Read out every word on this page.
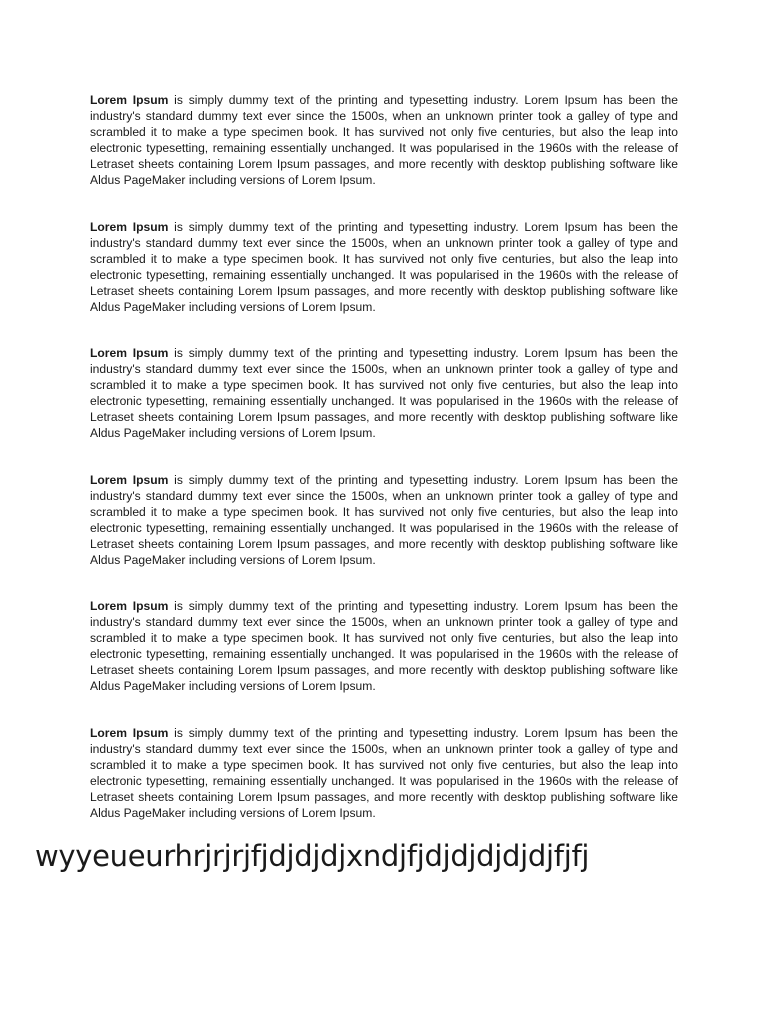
Lorem Ipsum is simply dummy text of the printing and typesetting industry. Lorem Ipsum has been the industry's standard dummy text ever since the 1500s, when an unknown printer took a galley of type and scrambled it to make a type specimen book. It has survived not only five centuries, but also the leap into electronic typesetting, remaining essentially unchanged. It was popularised in the 1960s with the release of Letraset sheets containing Lorem Ipsum passages, and more recently with desktop publishing software like Aldus PageMaker including versions of Lorem Ipsum.

Lorem Ipsum is simply dummy text of the printing and typesetting industry. Lorem Ipsum has been the industry's standard dummy text ever since the 1500s, when an unknown printer took a galley of type and scrambled it to make a type specimen book. It has survived not only five centuries, but also the leap into electronic typesetting, remaining essentially unchanged. It was popularised in the 1960s with the release of Letraset sheets containing Lorem Ipsum passages, and more recently with desktop publishing software like Aldus PageMaker including versions of Lorem Ipsum.

Lorem Ipsum is simply dummy text of the printing and typesetting industry. Lorem Ipsum has been the industry's standard dummy text ever since the 1500s, when an unknown printer took a galley of type and scrambled it to make a type specimen book. It has survived not only five centuries, but also the leap into electronic typesetting, remaining essentially unchanged. It was popularised in the 1960s with the release of Letraset sheets containing Lorem Ipsum passages, and more recently with desktop publishing software like Aldus PageMaker including versions of Lorem Ipsum.

Lorem Ipsum is simply dummy text of the printing and typesetting industry. Lorem Ipsum has been the industry's standard dummy text ever since the 1500s, when an unknown printer took a galley of type and scrambled it to make a type specimen book. It has survived not only five centuries, but also the leap into electronic typesetting, remaining essentially unchanged. It was popularised in the 1960s with the release of Letraset sheets containing Lorem Ipsum passages, and more recently with desktop publishing software like Aldus PageMaker including versions of Lorem Ipsum.

Lorem Ipsum is simply dummy text of the printing and typesetting industry. Lorem Ipsum has been the industry's standard dummy text ever since the 1500s, when an unknown printer took a galley of type and scrambled it to make a type specimen book. It has survived not only five centuries, but also the leap into electronic typesetting, remaining essentially unchanged. It was popularised in the 1960s with the release of Letraset sheets containing Lorem Ipsum passages, and more recently with desktop publishing software like Aldus PageMaker including versions of Lorem Ipsum.

Lorem Ipsum is simply dummy text of the printing and typesetting industry. Lorem Ipsum has been the industry's standard dummy text ever since the 1500s, when an unknown printer took a galley of type and scrambled it to make a type specimen book. It has survived not only five centuries, but also the leap into electronic typesetting, remaining essentially unchanged. It was popularised in the 1960s with the release of Letraset sheets containing Lorem Ipsum passages, and more recently with desktop publishing software like Aldus PageMaker including versions of Lorem Ipsum.

wyyeueurhrjrjrjfjdjdjdjxndjfjdjdjdjdjdjfjfj
